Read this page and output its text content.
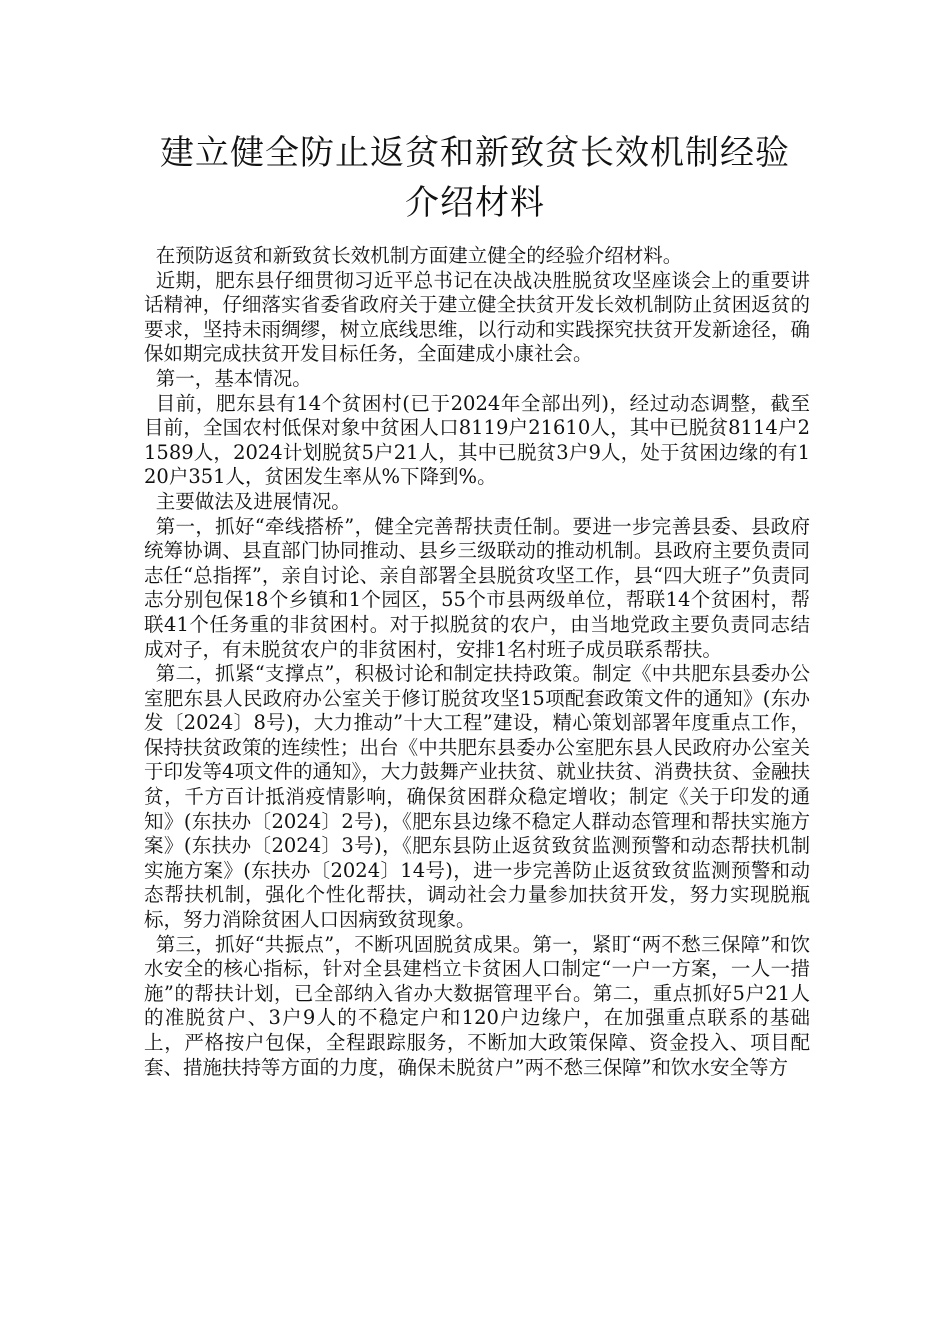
建立健全防止返贫和新致贫长效机制经验
介绍材料

在预防返贫和新致贫长效机制方面建立健全的经验介绍材料。

近期，肥东县仔细贯彻习近平总书记在决战决胜脱贫攻坚座谈会上的重要讲话精神，仔细落实省委省政府关于建立健全扶贫开发长效机制防止贫困返贫的要求，坚持未雨绸缪，树立底线思维，以行动和实践探究扶贫开发新途径，确保如期完成扶贫开发目标任务，全面建成小康社会。

第一，基本情况。

目前，肥东县有14个贫困村(已于2024年全部出列)，经过动态调整，截至目前，全国农村低保对象中贫困人口8119户21610人，其中已脱贫8114户21589人，2024计划脱贫5户21人，其中已脱贫3户9人，处于贫困边缘的有120户351人，贫困发生率从%下降到%。

主要做法及进展情况。

第一，抓好“牵线搭桥”，健全完善帮扶责任制。要进一步完善县委、县政府统筹协调、县直部门协同推动、县乡三级联动的推动机制。县政府主要负责同志任“总指挥”，亲自讨论、亲自部署全县脱贫攻坚工作，县“四大班子”负责同志分别包保18个乡镇和1个园区，55个市县两级单位，帮联14个贫困村，帮联41个任务重的非贫困村。对于拟脱贫的农户，由当地党政主要负责同志结成对子，有未脱贫农户的非贫困村，安排1名村班子成员联系帮扶。

第二，抓紧“支撑点”，积极讨论和制定扶持政策。制定《中共肥东县委办公室肥东县人民政府办公室关于修订脱贫攻坚15项配套政策文件的通知》(东办发〔2024〕8号)，大力推动”十大工程”建设，精心策划部署年度重点工作，保持扶贫政策的连续性；出台《中共肥东县委办公室肥东县人民政府办公室关于印发等4项文件的通知》，大力鼓舞产业扶贫、就业扶贫、消费扶贫、金融扶贫，千方百计抵消疫情影响，确保贫困群众稳定增收；制定《关于印发的通知》(东扶办〔2024〕2号)，《肥东县边缘不稳定人群动态管理和帮扶实施方案》(东扶办〔2024〕3号)，《肥东县防止返贫致贫监测预警和动态帮扶机制实施方案》(东扶办〔2024〕14号)，进一步完善防止返贫致贫监测预警和动态帮扶机制，强化个性化帮扶，调动社会力量参加扶贫开发，努力实现脱瓶标，努力消除贫困人口因病致贫现象。

第三，抓好“共振点”，不断巩固脱贫成果。第一，紧盯“两不愁三保障”和饮水安全的核心指标，针对全县建档立卡贫困人口制定“一户一方案，一人一措施”的帮扶计划，已全部纳入省办大数据管理平台。第二，重点抓好5户21人的准脱贫户、3户9人的不稳定户和120户边缘户，在加强重点联系的基础上，严格按户包保，全程跟踪服务，不断加大政策保障、资金投入、项目配套、措施扶持等方面的力度，确保未脱贫户”两不愁三保障”和饮水安全等方
